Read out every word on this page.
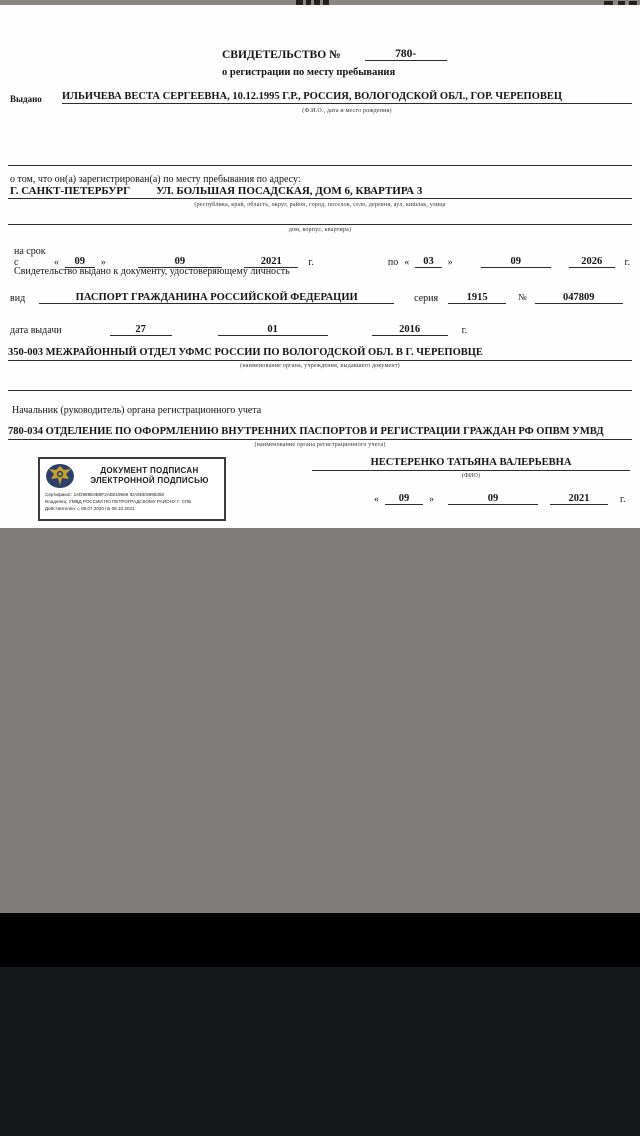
СВИДЕТЕЛЬСТВО №	780-
о регистрации по месту пребывания
Выдано ИЛЬИЧЕВА ВЕСТА СЕРГЕЕВНА, 10.12.1995 Г.Р., РОССИЯ, ВОЛОГОДСКОЙ ОБЛ., ГОР. ЧЕРЕПОВЕЦ
(Ф.И.О., дата и место рождения)
о том, что он(а) зарегистрирован(а) по месту пребывания по адресу:
Г. САНКТ-ПЕТЕРБУРГ УЛ. БОЛЬШАЯ ПОСАДСКАЯ, ДОМ 6, КВАРТИРА 3
(республика, край, область, округ, район, город, поселок, село, деревня, аул, кишлак, улица
дом, корпус, квартира)
на срок с	«	09	»	09	2021	г.	по «	03	»	09	2026	г.
Свидетельство выдано к документу, удостоверяющему личность
вид	ПАСПОРТ ГРАЖДАНИНА РОССИЙСКОЙ ФЕДЕРАЦИИ	серия	1915	№	047809
дата выдачи	27	01	2016	г.
350-003 МЕЖРАЙОННЫЙ ОТДЕЛ УФМС РОССИИ ПО ВОЛОГОДСКОЙ ОБЛ. В Г. ЧЕРЕПОВЦЕ
(наименование органа, учреждения, выдавшего документ)
Начальник (руководитель) органа регистрационного учета
780-034 ОТДЕЛЕНИЕ ПО ОФОРМЛЕНИЮ ВНУТРЕННИХ ПАСПОРТОВ И РЕГИСТРАЦИИ ГРАЖДАН РФ ОПВМ УМВД
(наименование органа регистрационного учета)
ДОКУМЕНТ ПОДПИСАН
ЭЛЕКТРОННОЙ ПОДПИСЬЮ
Сертификат: 1AD989E0B8F2AB019569 IDA9DE5996358
Владелец: УМВД РОССИИ ПО ПЕТРОГРАДСКОМУ РАЙОНУ Г. СПБ
Действителен: с 08.07.2020 по 08.10.2021
НЕСТЕРЕНКО ТАТЬЯНА ВАЛЕРЬЕВНА
(ФИО)
«	09	»	09	2021	г.
